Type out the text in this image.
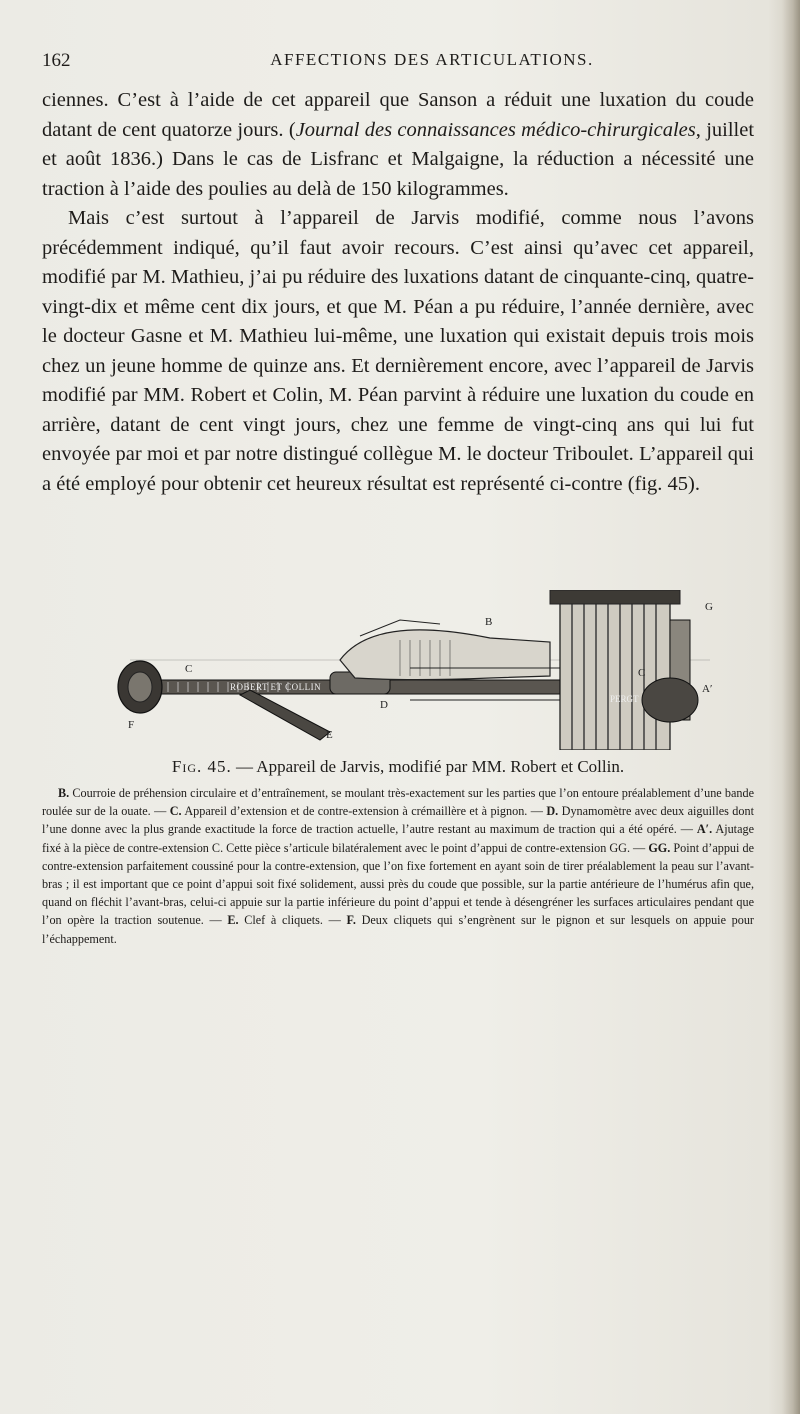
162	AFFECTIONS DES ARTICULATIONS.

ciennes. C’est à l’aide de cet appareil que Sanson a réduit une luxation du coude datant de cent quatorze jours. (Journal des connaissances médico-chirurgicales, juillet et août 1836.) Dans le cas de Lisfranc et Malgaigne, la réduction a nécessité une traction à l’aide des poulies au delà de 150 kilogrammes.

Mais c’est surtout à l’appareil de Jarvis modifié, comme nous l’avons précédemment indiqué, qu’il faut avoir recours. C’est ainsi qu’avec cet appareil, modifié par M. Mathieu, j’ai pu réduire des luxations datant de cinquante-cinq, quatre-vingt-dix et même cent dix jours, et que M. Péan a pu réduire, l’année dernière, avec le docteur Gasne et M. Mathieu lui-même, une luxation qui existait depuis trois mois chez un jeune homme de quinze ans. Et dernièrement encore, avec l’appareil de Jarvis modifié par MM. Robert et Colin, M. Péan parvint à réduire une luxation du coude en arrière, datant de cent vingt jours, chez une femme de vingt-cinq ans qui lui fut envoyée par moi et par notre distingué collègue M. le docteur Triboulet. L’appareil qui a été employé pour obtenir cet heureux résultat est représenté ci-contre (fig. 45).

G
B
C	C
A′
D
E
F
ROBERT ET COLLIN
PERGT
Fig. 45. — Appareil de Jarvis, modifié par MM. Robert et Collin.

B. Courroie de préhension circulaire et d’entraînement, se moulant très-exactement sur les parties que l’on entoure préalablement d’une bande roulée sur de la ouate. — C. Appareil d’extension et de contre-extension à crémaillère et à pignon. — D. Dynamomètre avec deux aiguilles dont l’une donne avec la plus grande exactitude la force de traction actuelle, l’autre restant au maximum de traction qui a été opéré. — A′. Ajutage fixé à la pièce de contre-extension C. Cette pièce s’articule bilatéralement avec le point d’appui de contre-extension GG. — GG. Point d’appui de contre-extension parfaitement coussiné pour la contre-extension, que l’on fixe fortement en ayant soin de tirer préalablement la peau sur l’avant-bras ; il est important que ce point d’appui soit fixé solidement, aussi près du coude que possible, sur la partie antérieure de l’humérus afin que, quand on fléchit l’avant-bras, celui-ci appuie sur la partie inférieure du point d’appui et tende à désengréner les surfaces articulaires pendant que l’on opère la traction soutenue. — E. Clef à cliquets. — F. Deux cliquets qui s’engrènent sur le pignon et sur lesquels on appuie pour l’échappement.
